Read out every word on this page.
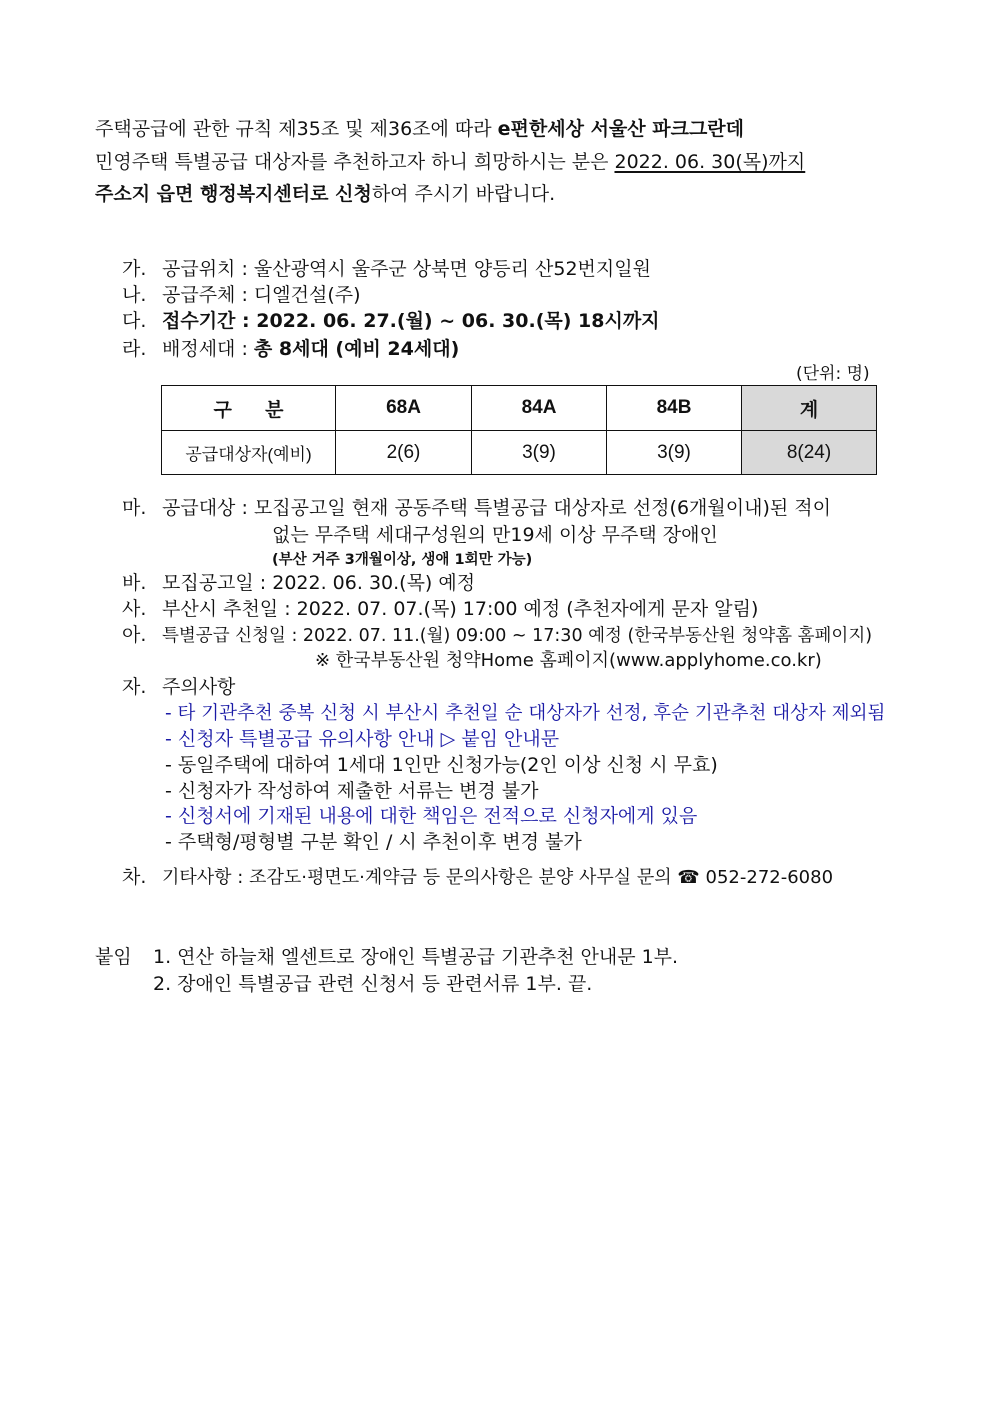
주택공급에 관한 규칙 제35조 및 제36조에 따라 e편한세상 서울산 파크그란데
민영주택 특별공급 대상자를 추천하고자 하니 희망하시는 분은 2022. 06. 30(목)까지
주소지 읍면 행정복지센터로 신청하여 주시기 바랍니다.
가. 공급위치 : 울산광역시 울주군 상북면 양등리 산52번지일원
나. 공급주체 : 디엘건설(주)
다. 접수기간 : 2022. 06. 27.(월) ~ 06. 30.(목) 18시까지
라. 배정세대 : 총 8세대 (예비 24세대)
(단위: 명)
구 분	68A	84A	84B	계
공급대상자(예비)	2(6)	3(9)	3(9)	8(24)
마. 공급대상 : 모집공고일 현재 공동주택 특별공급 대상자로 선정(6개월이내)된 적이
없는 무주택 세대구성원의 만19세 이상 무주택 장애인
(부산 거주 3개월이상, 생애 1회만 가능)
바. 모집공고일 : 2022. 06. 30.(목) 예정
사. 부산시 추천일 : 2022. 07. 07.(목) 17:00 예정 (추천자에게 문자 알림)
아. 특별공급 신청일 : 2022. 07. 11.(월) 09:00 ~ 17:30 예정 (한국부동산원 청약홈 홈페이지)
※ 한국부동산원 청약Home 홈페이지(www.applyhome.co.kr)
자. 주의사항
- 타 기관추천 중복 신청 시 부산시 추천일 순 대상자가 선정, 후순 기관추천 대상자 제외됨
- 신청자 특별공급 유의사항 안내 ▷ 붙임 안내문
- 동일주택에 대하여 1세대 1인만 신청가능(2인 이상 신청 시 무효)
- 신청자가 작성하여 제출한 서류는 변경 불가
- 신청서에 기재된 내용에 대한 책임은 전적으로 신청자에게 있음
- 주택형/평형별 구분 확인 / 시 추천이후 변경 불가
차. 기타사항 : 조감도·평면도·계약금 등 문의사항은 분양 사무실 문의 ☎ 052-272-6080
붙임 1. 연산 하늘채 엘센트로 장애인 특별공급 기관추천 안내문 1부.
2. 장애인 특별공급 관련 신청서 등 관련서류 1부. 끝.
